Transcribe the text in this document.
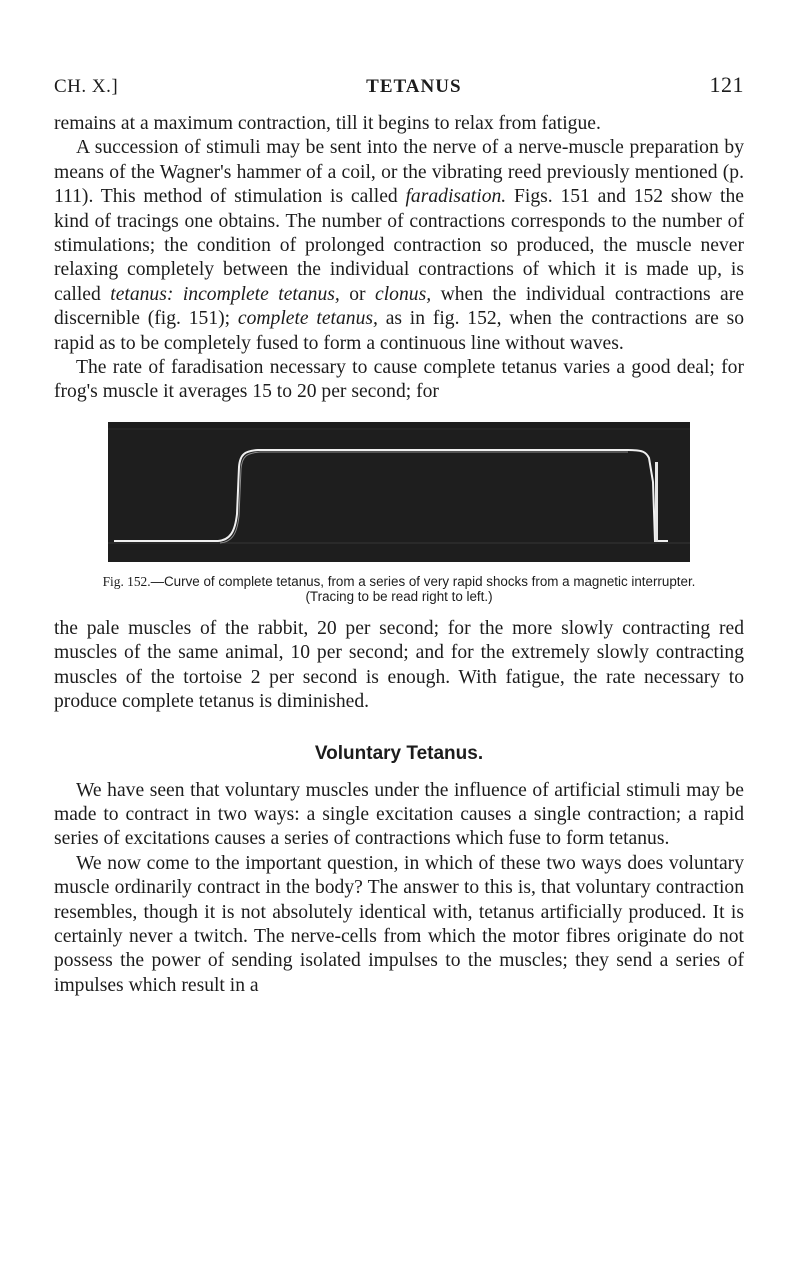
CH. X.]	TETANUS	121

remains at a maximum contraction, till it begins to relax from fatigue.

A succession of stimuli may be sent into the nerve of a nerve-muscle preparation by means of the Wagner's hammer of a coil, or the vibrating reed previously mentioned (p. 111). This method of stimulation is called faradisation. Figs. 151 and 152 show the kind of tracings one obtains. The number of contractions corresponds to the number of stimulations; the condition of prolonged contraction so produced, the muscle never relaxing completely between the individual contractions of which it is made up, is called tetanus: incomplete tetanus, or clonus, when the individual contractions are discernible (fig. 151); complete tetanus, as in fig. 152, when the contractions are so rapid as to be completely fused to form a continuous line without waves.

The rate of faradisation necessary to cause complete tetanus varies a good deal; for frog's muscle it averages 15 to 20 per second; for

Fig. 152.—Curve of complete tetanus, from a series of very rapid shocks from a magnetic interrupter.
(Tracing to be read right to left.)

the pale muscles of the rabbit, 20 per second; for the more slowly contracting red muscles of the same animal, 10 per second; and for the extremely slowly contracting muscles of the tortoise 2 per second is enough. With fatigue, the rate necessary to produce complete tetanus is diminished.

Voluntary Tetanus.

We have seen that voluntary muscles under the influence of artificial stimuli may be made to contract in two ways: a single excitation causes a single contraction; a rapid series of excitations causes a series of contractions which fuse to form tetanus.

We now come to the important question, in which of these two ways does voluntary muscle ordinarily contract in the body? The answer to this is, that voluntary contraction resembles, though it is not absolutely identical with, tetanus artificially produced. It is certainly never a twitch. The nerve-cells from which the motor fibres originate do not possess the power of sending isolated impulses to the muscles; they send a series of impulses which result in a
